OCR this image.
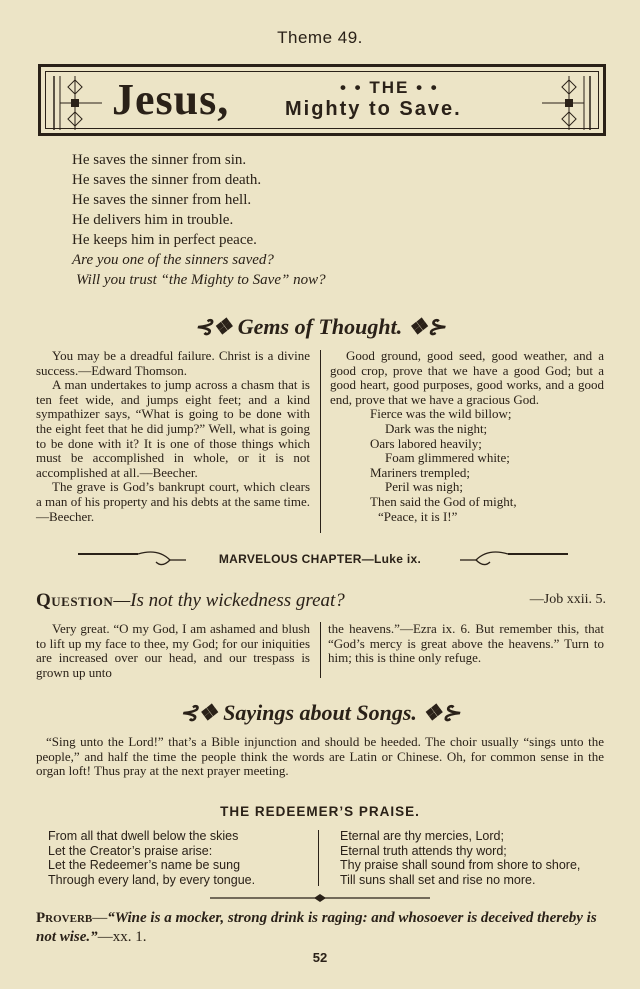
Theme 49.
Jesus,	• • THE • •
Mighty to Save.
He saves the sinner from sin.
He saves the sinner from death.
He saves the sinner from hell.
He delivers him in trouble.
He keeps him in perfect peace.
Are you one of the sinners saved?
Will you trust “the Mighty to Save” now?
⊰❖ Gems of Thought. ❖⊱

You may be a dreadful failure. Christ is a divine success.—Edward Thomson.

A man undertakes to jump across a chasm that is ten feet wide, and jumps eight feet; and a kind sympathizer says, “What is going to be done with the eight feet that he did jump?” Well, what is going to be done with it? It is one of those things which must be accomplished in whole, or it is not accomplished at all.—Beecher.

The grave is God’s bankrupt court, which clears a man of his property and his debts at the same time.—Beecher.

Good ground, good seed, good weather, and a good crop, prove that we have a good God; but a good heart, good purposes, good works, and a good end, prove that we have a gracious God.

Fierce was the wild billow;
Dark was the night;
Oars labored heavily;
Foam glimmered white;
Mariners trempled;
Peril was nigh;
Then said the God of might,
“Peace, it is I!”
MARVELOUS CHAPTER—Luke ix.
Question—Is not thy wickedness great?	—Job xxii. 5.

Very great. “O my God, I am ashamed and blush to lift up my face to thee, my God; for our iniquities are increased over our head, and our trespass is grown up unto

the heavens.”—Ezra ix. 6. But remember this, that “God’s mercy is great above the heavens.” Turn to him; this is thine only refuge.

⊰❖ Sayings about Songs. ❖⊱
“Sing unto the Lord!” that’s a Bible injunction and should be heeded. The choir usually “sings unto the people,” and half the time the people think the words are Latin or Chinese. Oh, for common sense in the organ loft! Thus pray at the next prayer meeting.
THE REDEEMER’S PRAISE.
From all that dwell below the skies
Let the Creator’s praise arise:
Let the Redeemer’s name be sung
Through every land, by every tongue.
Eternal are thy mercies, Lord;
Eternal truth attends thy word;
Thy praise shall sound from shore to shore,
Till suns shall set and rise no more.
Proverb—“Wine is a mocker, strong drink is raging: and whosoever is deceived thereby is not wise.”—xx. 1.
52
